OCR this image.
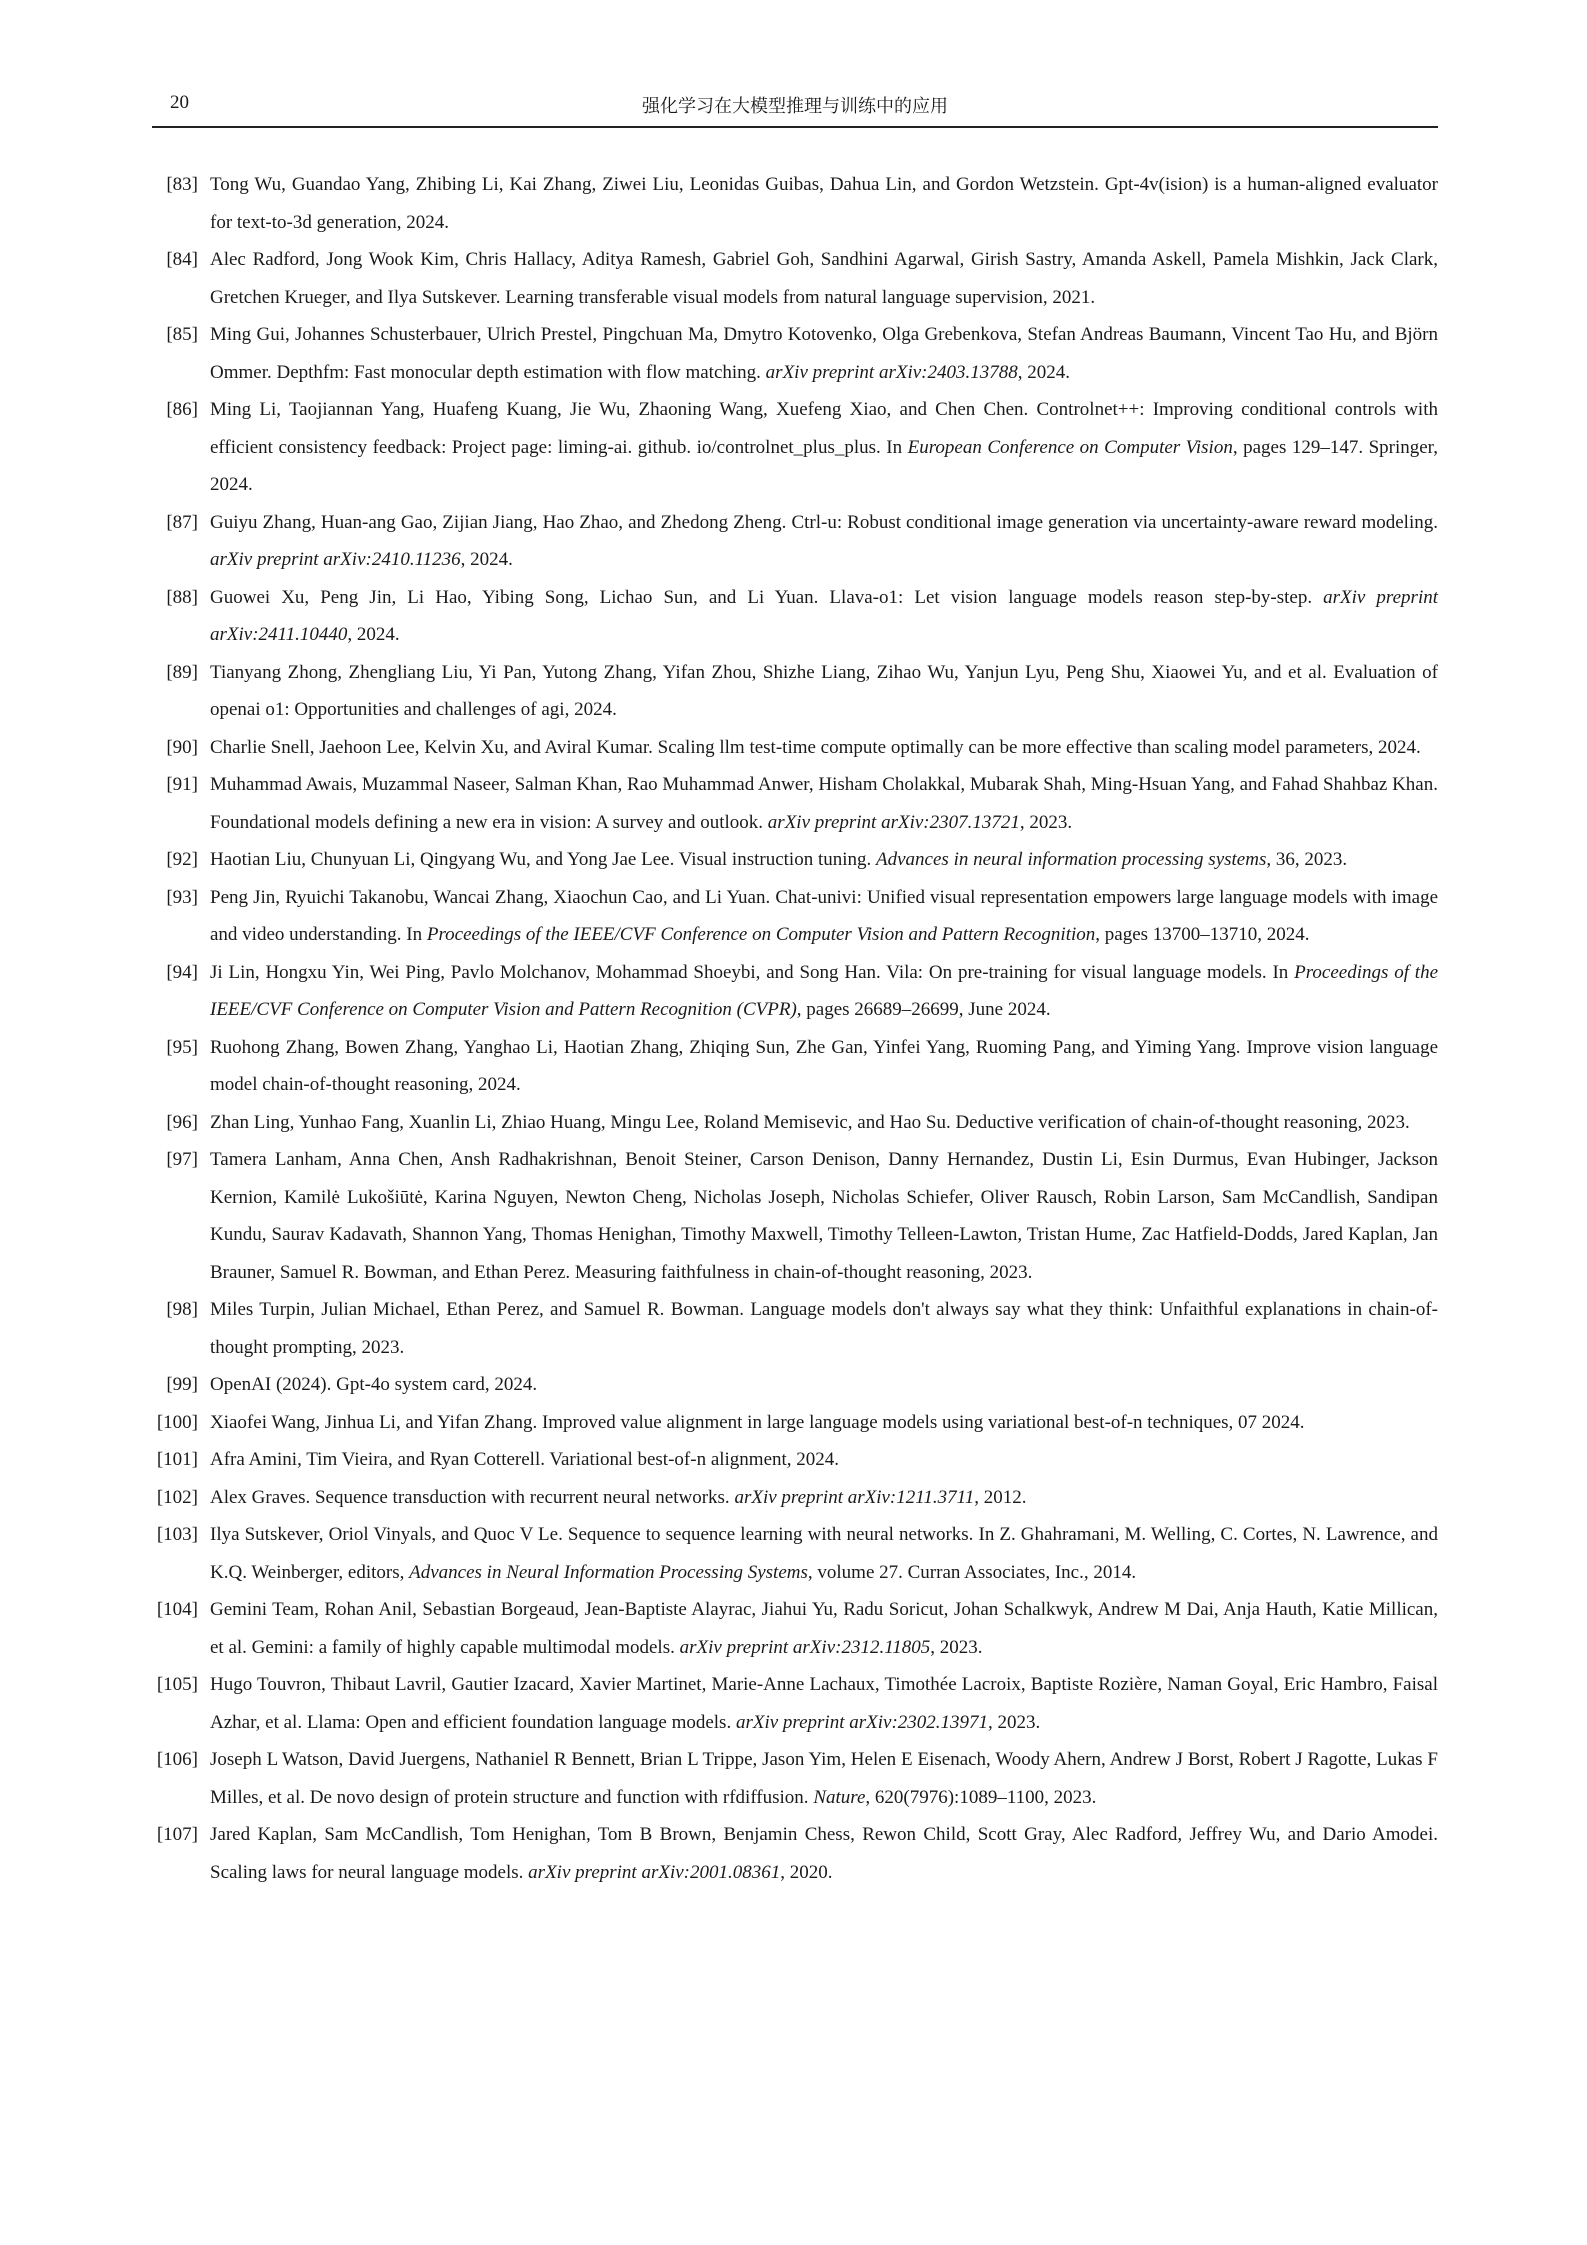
20	强化学习在大模型推理与训练中的应用
[83] Tong Wu, Guandao Yang, Zhibing Li, Kai Zhang, Ziwei Liu, Leonidas Guibas, Dahua Lin, and Gordon Wetzstein. Gpt-4v(ision) is a human-aligned evaluator for text-to-3d generation, 2024.
[84] Alec Radford, Jong Wook Kim, Chris Hallacy, Aditya Ramesh, Gabriel Goh, Sandhini Agarwal, Girish Sastry, Amanda Askell, Pamela Mishkin, Jack Clark, Gretchen Krueger, and Ilya Sutskever. Learning transferable visual models from natural language supervision, 2021.
[85] Ming Gui, Johannes Schusterbauer, Ulrich Prestel, Pingchuan Ma, Dmytro Kotovenko, Olga Grebenkova, Stefan Andreas Baumann, Vincent Tao Hu, and Björn Ommer. Depthfm: Fast monocular depth estimation with flow matching. arXiv preprint arXiv:2403.13788, 2024.
[86] Ming Li, Taojiannan Yang, Huafeng Kuang, Jie Wu, Zhaoning Wang, Xuefeng Xiao, and Chen Chen. Controlnet++: Improving conditional controls with efficient consistency feedback: Project page: liming-ai. github. io/controlnet_plus_plus. In European Conference on Computer Vision, pages 129–147. Springer, 2024.
[87] Guiyu Zhang, Huan-ang Gao, Zijian Jiang, Hao Zhao, and Zhedong Zheng. Ctrl-u: Robust conditional image generation via uncertainty-aware reward modeling. arXiv preprint arXiv:2410.11236, 2024.
[88] Guowei Xu, Peng Jin, Li Hao, Yibing Song, Lichao Sun, and Li Yuan. Llava-o1: Let vision language models reason step-by-step. arXiv preprint arXiv:2411.10440, 2024.
[89] Tianyang Zhong, Zhengliang Liu, Yi Pan, Yutong Zhang, Yifan Zhou, Shizhe Liang, Zihao Wu, Yanjun Lyu, Peng Shu, Xiaowei Yu, and et al. Evaluation of openai o1: Opportunities and challenges of agi, 2024.
[90] Charlie Snell, Jaehoon Lee, Kelvin Xu, and Aviral Kumar. Scaling llm test-time compute optimally can be more effective than scaling model parameters, 2024.
[91] Muhammad Awais, Muzammal Naseer, Salman Khan, Rao Muhammad Anwer, Hisham Cholakkal, Mubarak Shah, Ming-Hsuan Yang, and Fahad Shahbaz Khan. Foundational models defining a new era in vision: A survey and outlook. arXiv preprint arXiv:2307.13721, 2023.
[92] Haotian Liu, Chunyuan Li, Qingyang Wu, and Yong Jae Lee. Visual instruction tuning. Advances in neural information processing systems, 36, 2023.
[93] Peng Jin, Ryuichi Takanobu, Wancai Zhang, Xiaochun Cao, and Li Yuan. Chat-univi: Unified visual representation empowers large language models with image and video understanding. In Proceedings of the IEEE/CVF Conference on Computer Vision and Pattern Recognition, pages 13700–13710, 2024.
[94] Ji Lin, Hongxu Yin, Wei Ping, Pavlo Molchanov, Mohammad Shoeybi, and Song Han. Vila: On pre-training for visual language models. In Proceedings of the IEEE/CVF Conference on Computer Vision and Pattern Recognition (CVPR), pages 26689–26699, June 2024.
[95] Ruohong Zhang, Bowen Zhang, Yanghao Li, Haotian Zhang, Zhiqing Sun, Zhe Gan, Yinfei Yang, Ruoming Pang, and Yiming Yang. Improve vision language model chain-of-thought reasoning, 2024.
[96] Zhan Ling, Yunhao Fang, Xuanlin Li, Zhiao Huang, Mingu Lee, Roland Memisevic, and Hao Su. Deductive verification of chain-of-thought reasoning, 2023.
[97] Tamera Lanham, Anna Chen, Ansh Radhakrishnan, Benoit Steiner, Carson Denison, Danny Hernandez, Dustin Li, Esin Durmus, Evan Hubinger, Jackson Kernion, Kamilė Lukošiūtė, Karina Nguyen, Newton Cheng, Nicholas Joseph, Nicholas Schiefer, Oliver Rausch, Robin Larson, Sam McCandlish, Sandipan Kundu, Saurav Kadavath, Shannon Yang, Thomas Henighan, Timothy Maxwell, Timothy Telleen-Lawton, Tristan Hume, Zac Hatfield-Dodds, Jared Kaplan, Jan Brauner, Samuel R. Bowman, and Ethan Perez. Measuring faithfulness in chain-of-thought reasoning, 2023.
[98] Miles Turpin, Julian Michael, Ethan Perez, and Samuel R. Bowman. Language models don't always say what they think: Unfaithful explanations in chain-of-thought prompting, 2023.
[99] OpenAI (2024). Gpt-4o system card, 2024.
[100] Xiaofei Wang, Jinhua Li, and Yifan Zhang. Improved value alignment in large language models using variational best-of-n techniques, 07 2024.
[101] Afra Amini, Tim Vieira, and Ryan Cotterell. Variational best-of-n alignment, 2024.
[102] Alex Graves. Sequence transduction with recurrent neural networks. arXiv preprint arXiv:1211.3711, 2012.
[103] Ilya Sutskever, Oriol Vinyals, and Quoc V Le. Sequence to sequence learning with neural networks. In Z. Ghahramani, M. Welling, C. Cortes, N. Lawrence, and K.Q. Weinberger, editors, Advances in Neural Information Processing Systems, volume 27. Curran Associates, Inc., 2014.
[104] Gemini Team, Rohan Anil, Sebastian Borgeaud, Jean-Baptiste Alayrac, Jiahui Yu, Radu Soricut, Johan Schalkwyk, Andrew M Dai, Anja Hauth, Katie Millican, et al. Gemini: a family of highly capable multimodal models. arXiv preprint arXiv:2312.11805, 2023.
[105] Hugo Touvron, Thibaut Lavril, Gautier Izacard, Xavier Martinet, Marie-Anne Lachaux, Timothée Lacroix, Baptiste Rozière, Naman Goyal, Eric Hambro, Faisal Azhar, et al. Llama: Open and efficient foundation language models. arXiv preprint arXiv:2302.13971, 2023.
[106] Joseph L Watson, David Juergens, Nathaniel R Bennett, Brian L Trippe, Jason Yim, Helen E Eisenach, Woody Ahern, Andrew J Borst, Robert J Ragotte, Lukas F Milles, et al. De novo design of protein structure and function with rfdiffusion. Nature, 620(7976):1089–1100, 2023.
[107] Jared Kaplan, Sam McCandlish, Tom Henighan, Tom B Brown, Benjamin Chess, Rewon Child, Scott Gray, Alec Radford, Jeffrey Wu, and Dario Amodei. Scaling laws for neural language models. arXiv preprint arXiv:2001.08361, 2020.
